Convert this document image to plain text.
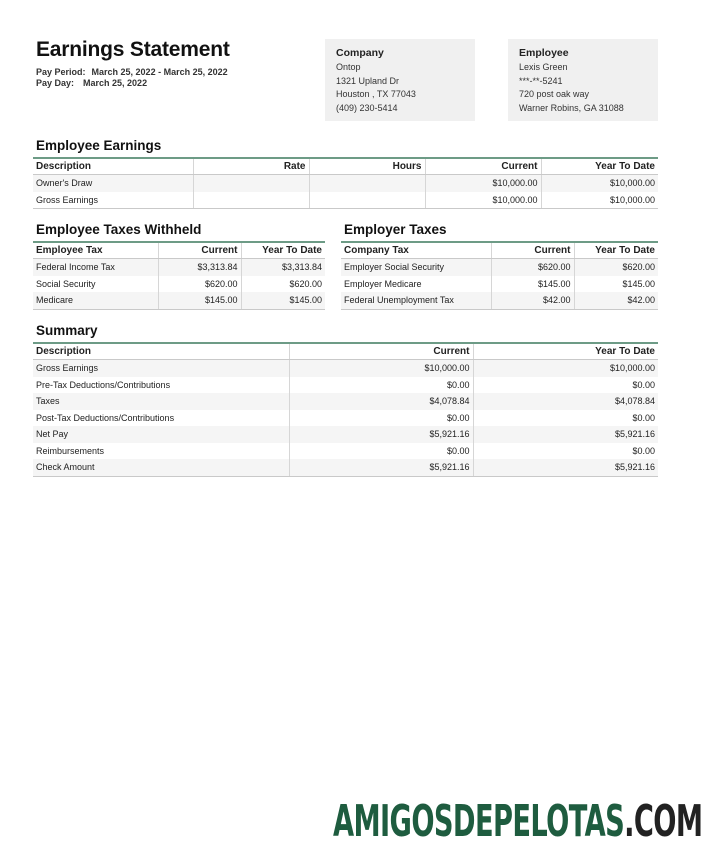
Earnings Statement
Pay Period: March 25, 2022 - March 25, 2022
Pay Day: March 25, 2022
Company
Ontop
1321 Upland Dr
Houston , TX 77043
(409) 230-5414
Employee
Lexis Green
***-**-5241
720 post oak way
Warner Robins, GA 31088
Employee Earnings
Description	Rate	Hours	Current	Year To Date
Owner's Draw			$10,000.00	$10,000.00
Gross Earnings			$10,000.00	$10,000.00
Employee Taxes Withheld
Employee Tax	Current	Year To Date
Federal Income Tax	$3,313.84	$3,313.84
Social Security	$620.00	$620.00
Medicare	$145.00	$145.00
Employer Taxes
Company Tax	Current	Year To Date
Employer Social Security	$620.00	$620.00
Employer Medicare	$145.00	$145.00
Federal Unemployment Tax	$42.00	$42.00
Summary
Description	Current	Year To Date
Gross Earnings	$10,000.00	$10,000.00
Pre-Tax Deductions/Contributions	$0.00	$0.00
Taxes	$4,078.84	$4,078.84
Post-Tax Deductions/Contributions	$0.00	$0.00
Net Pay	$5,921.16	$5,921.16
Reimbursements	$0.00	$0.00
Check Amount	$5,921.16	$5,921.16
AMIGOSDEPELOTAS.COM
